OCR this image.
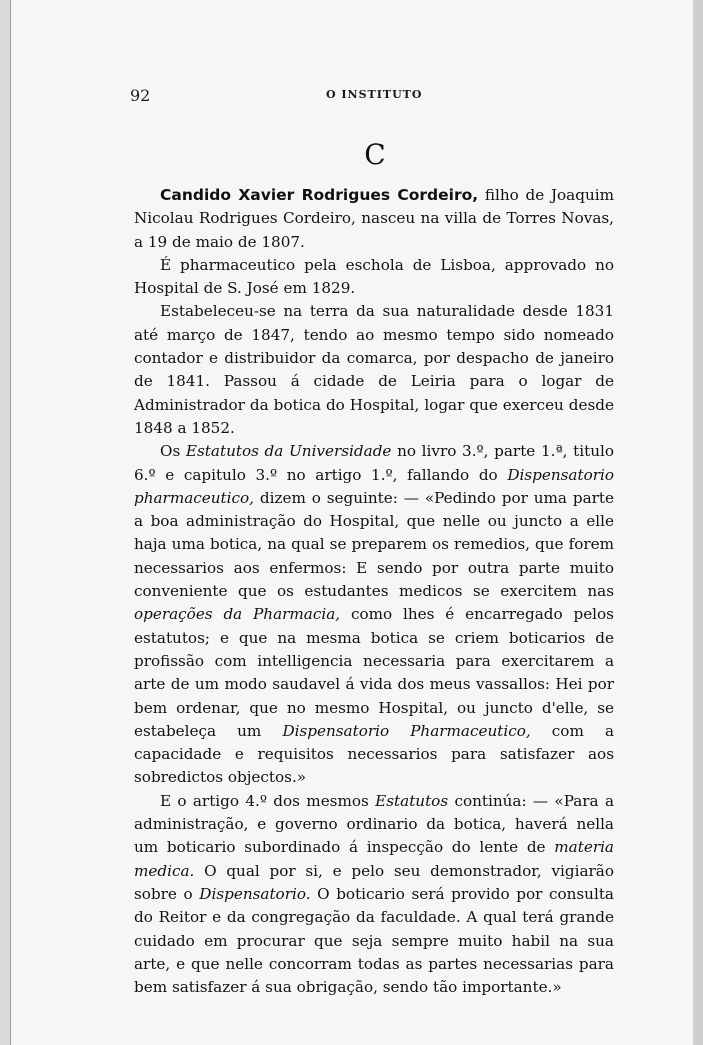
92	O INSTITUTO
C

Candido Xavier Rodrigues Cordeiro, filho de Joaquim Nicolau Rodrigues Cordeiro, nasceu na villa de Torres Novas, a 19 de maio de 1807.

É pharmaceutico pela eschola de Lisboa, approvado no Hospital de S. José em 1829.

Estabeleceu-se na terra da sua naturalidade desde 1831 até março de 1847, tendo ao mesmo tempo sido nomeado contador e distribuidor da comarca, por despacho de janeiro de 1841. Passou á cidade de Leiria para o logar de Administrador da botica do Hospital, logar que exerceu desde 1848 a 1852.

Os Estatutos da Universidade no livro 3.º, parte 1.ª, titulo 6.º e capitulo 3.º no artigo 1.º, fallando do Dispensatorio pharmaceutico, dizem o seguinte: — «Pedindo por uma parte a boa administração do Hospital, que nelle ou juncto a elle haja uma botica, na qual se preparem os remedios, que forem necessarios aos enfermos: E sendo por outra parte muito conveniente que os estudantes medicos se exercitem nas operações da Pharmacia, como lhes é encarregado pelos estatutos; e que na mesma botica se criem boticarios de profissão com intelligencia necessaria para exercitarem a arte de um modo saudavel á vida dos meus vassallos: Hei por bem ordenar, que no mesmo Hospital, ou juncto d'elle, se estabeleça um Dispensatorio Pharmaceutico, com a capacidade e requisitos necessarios para satisfazer aos sobredictos objectos.»

E o artigo 4.º dos mesmos Estatutos continúa: — «Para a administração, e governo ordinario da botica, haverá nella um boticario subordinado á inspecção do lente de materia medica. O qual por si, e pelo seu demonstrador, vigiarão sobre o Dispensatorio. O boticario será provido por consulta do Reitor e da congregação da faculdade. A qual terá grande cuidado em procurar que seja sempre muito habil na sua arte, e que nelle concorram todas as partes necessarias para bem satisfazer á sua obrigação, sendo tão importante.»
